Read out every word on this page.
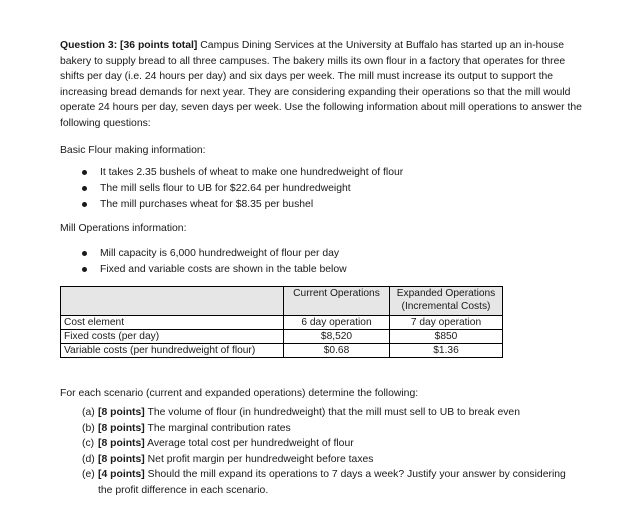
Question 3: [36 points total] Campus Dining Services at the University at Buffalo has started up an in-house bakery to supply bread to all three campuses. The bakery mills its own flour in a factory that operates for three shifts per day (i.e. 24 hours per day) and six days per week. The mill must increase its output to support the increasing bread demands for next year. They are considering expanding their operations so that the mill would operate 24 hours per day, seven days per week. Use the following information about mill operations to answer the following questions:

Basic Flour making information:
It takes 2.35 bushels of wheat to make one hundredweight of flour
The mill sells flour to UB for $22.64 per hundredweight
The mill purchases wheat for $8.35 per bushel
Mill Operations information:
Mill capacity is 6,000 hundredweight of flour per day
Fixed and variable costs are shown in the table below
	Current Operations	Expanded Operations
(Incremental Costs)

Cost element	6 day operation	7 day operation
Fixed costs (per day)	$8,520	$850
Variable costs (per hundredweight of flour)	$0.68	$1.36
For each scenario (current and expanded operations) determine the following:
(a) [8 points] The volume of flour (in hundredweight) that the mill must sell to UB to break even
(b) [8 points] The marginal contribution rates
(c) [8 points] Average total cost per hundredweight of flour
(d) [8 points] Net profit margin per hundredweight before taxes
(e) [4 points] Should the mill expand its operations to 7 days a week? Justify your answer by considering the profit difference in each scenario.
